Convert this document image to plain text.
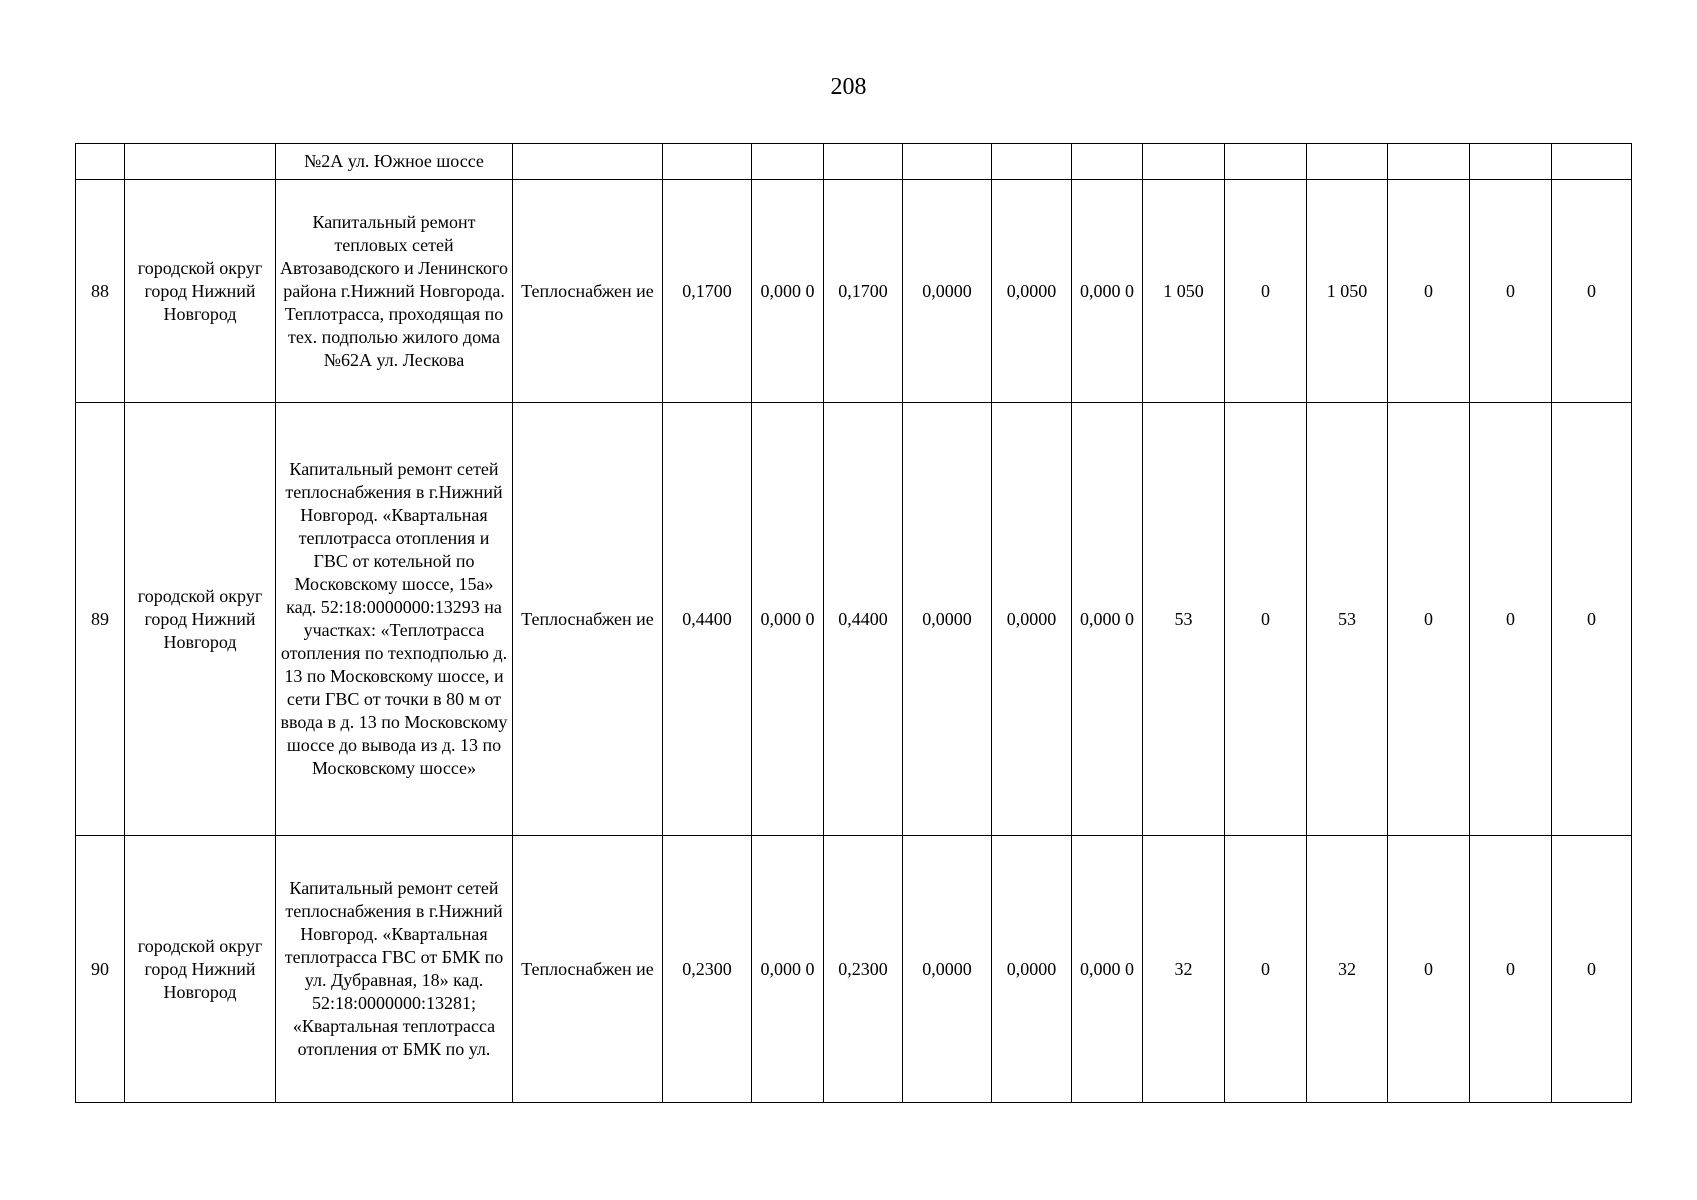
208
		№2А ул. Южное шоссе													
88	городской округ город Нижний Новгород	Капитальный ремонт тепловых сетей Автозаводского и Ленинского района г.Нижний Новгорода. Теплотрасса, проходящая по тех. подполью жилого дома №62А ул. Лескова	Теплоснабжен ие	0,1700	0,000 0	0,1700	0,0000	0,0000	0,000 0	1 050	0	1 050	0	0	0
89	городской округ город Нижний Новгород	Капитальный ремонт сетей теплоснабжения в г.Нижний Новгород. «Квартальная теплотрасса отопления и ГВС от котельной по Московскому шоссе, 15а» кад. 52:18:0000000:13293 на участках: «Теплотрасса отопления по техподполью д. 13 по Московскому шоссе, и сети ГВС от точки в 80 м от ввода в д. 13 по Московскому шоссе до вывода из д. 13 по Московскому шоссе»	Теплоснабжен ие	0,4400	0,000 0	0,4400	0,0000	0,0000	0,000 0	53	0	53	0	0	0
90	городской округ город Нижний Новгород	Капитальный ремонт сетей теплоснабжения в г.Нижний Новгород. «Квартальная теплотрасса ГВС от БМК по ул. Дубравная, 18» кад. 52:18:0000000:13281; «Квартальная теплотрасса отопления от БМК по ул.	Теплоснабжен ие	0,2300	0,000 0	0,2300	0,0000	0,0000	0,000 0	32	0	32	0	0	0
